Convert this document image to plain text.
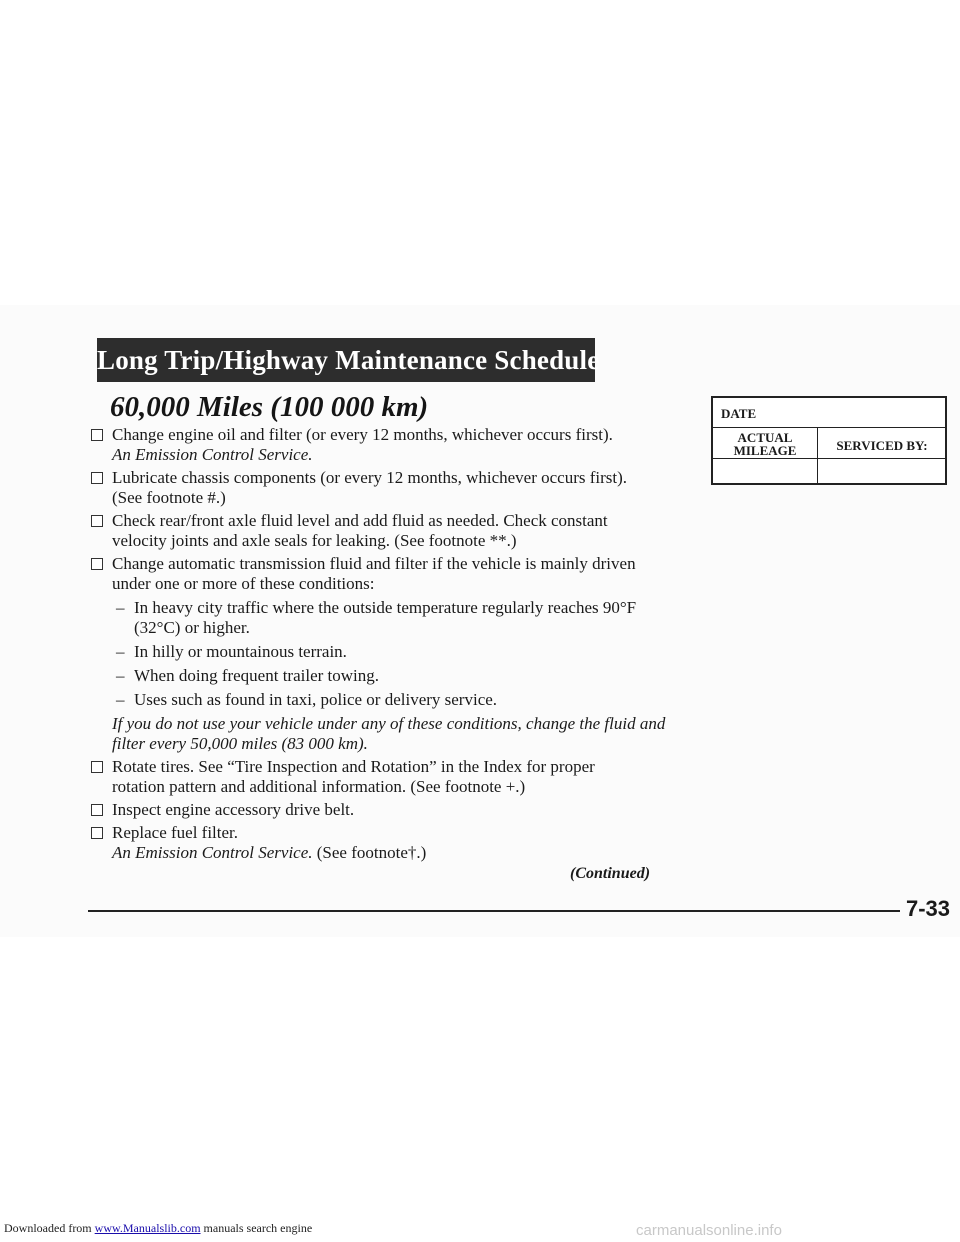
Long Trip/Highway Maintenance Schedule
60,000 Miles (100 000 km)
Change engine oil and filter (or every 12 months, whichever occurs first).
An Emission Control Service.
Lubricate chassis components (or every 12 months, whichever occurs first).
(See footnote #.)
Check rear/front axle fluid level and add fluid as needed. Check constant
velocity joints and axle seals for leaking. (See footnote **.)
Change automatic transmission fluid and filter if the vehicle is mainly driven
under one or more of these conditions:
– In heavy city traffic where the outside temperature regularly reaches 90°F
(32°C) or higher.
– In hilly or mountainous terrain.
– When doing frequent trailer towing.
– Uses such as found in taxi, police or delivery service.
If you do not use your vehicle under any of these conditions, change the fluid and filter every 50,000 miles (83 000 km).
Rotate tires. See “Tire Inspection and Rotation” in the Index for proper
rotation pattern and additional information. (See footnote +.)
Inspect engine accessory drive belt.
Replace fuel filter.
An Emission Control Service. (See footnote†.)
DATE
ACTUAL
MILEAGE	SERVICED BY:
(Continued)
7-33
Downloaded from www.Manualslib.com manuals search engine	carmanualsonline.info
